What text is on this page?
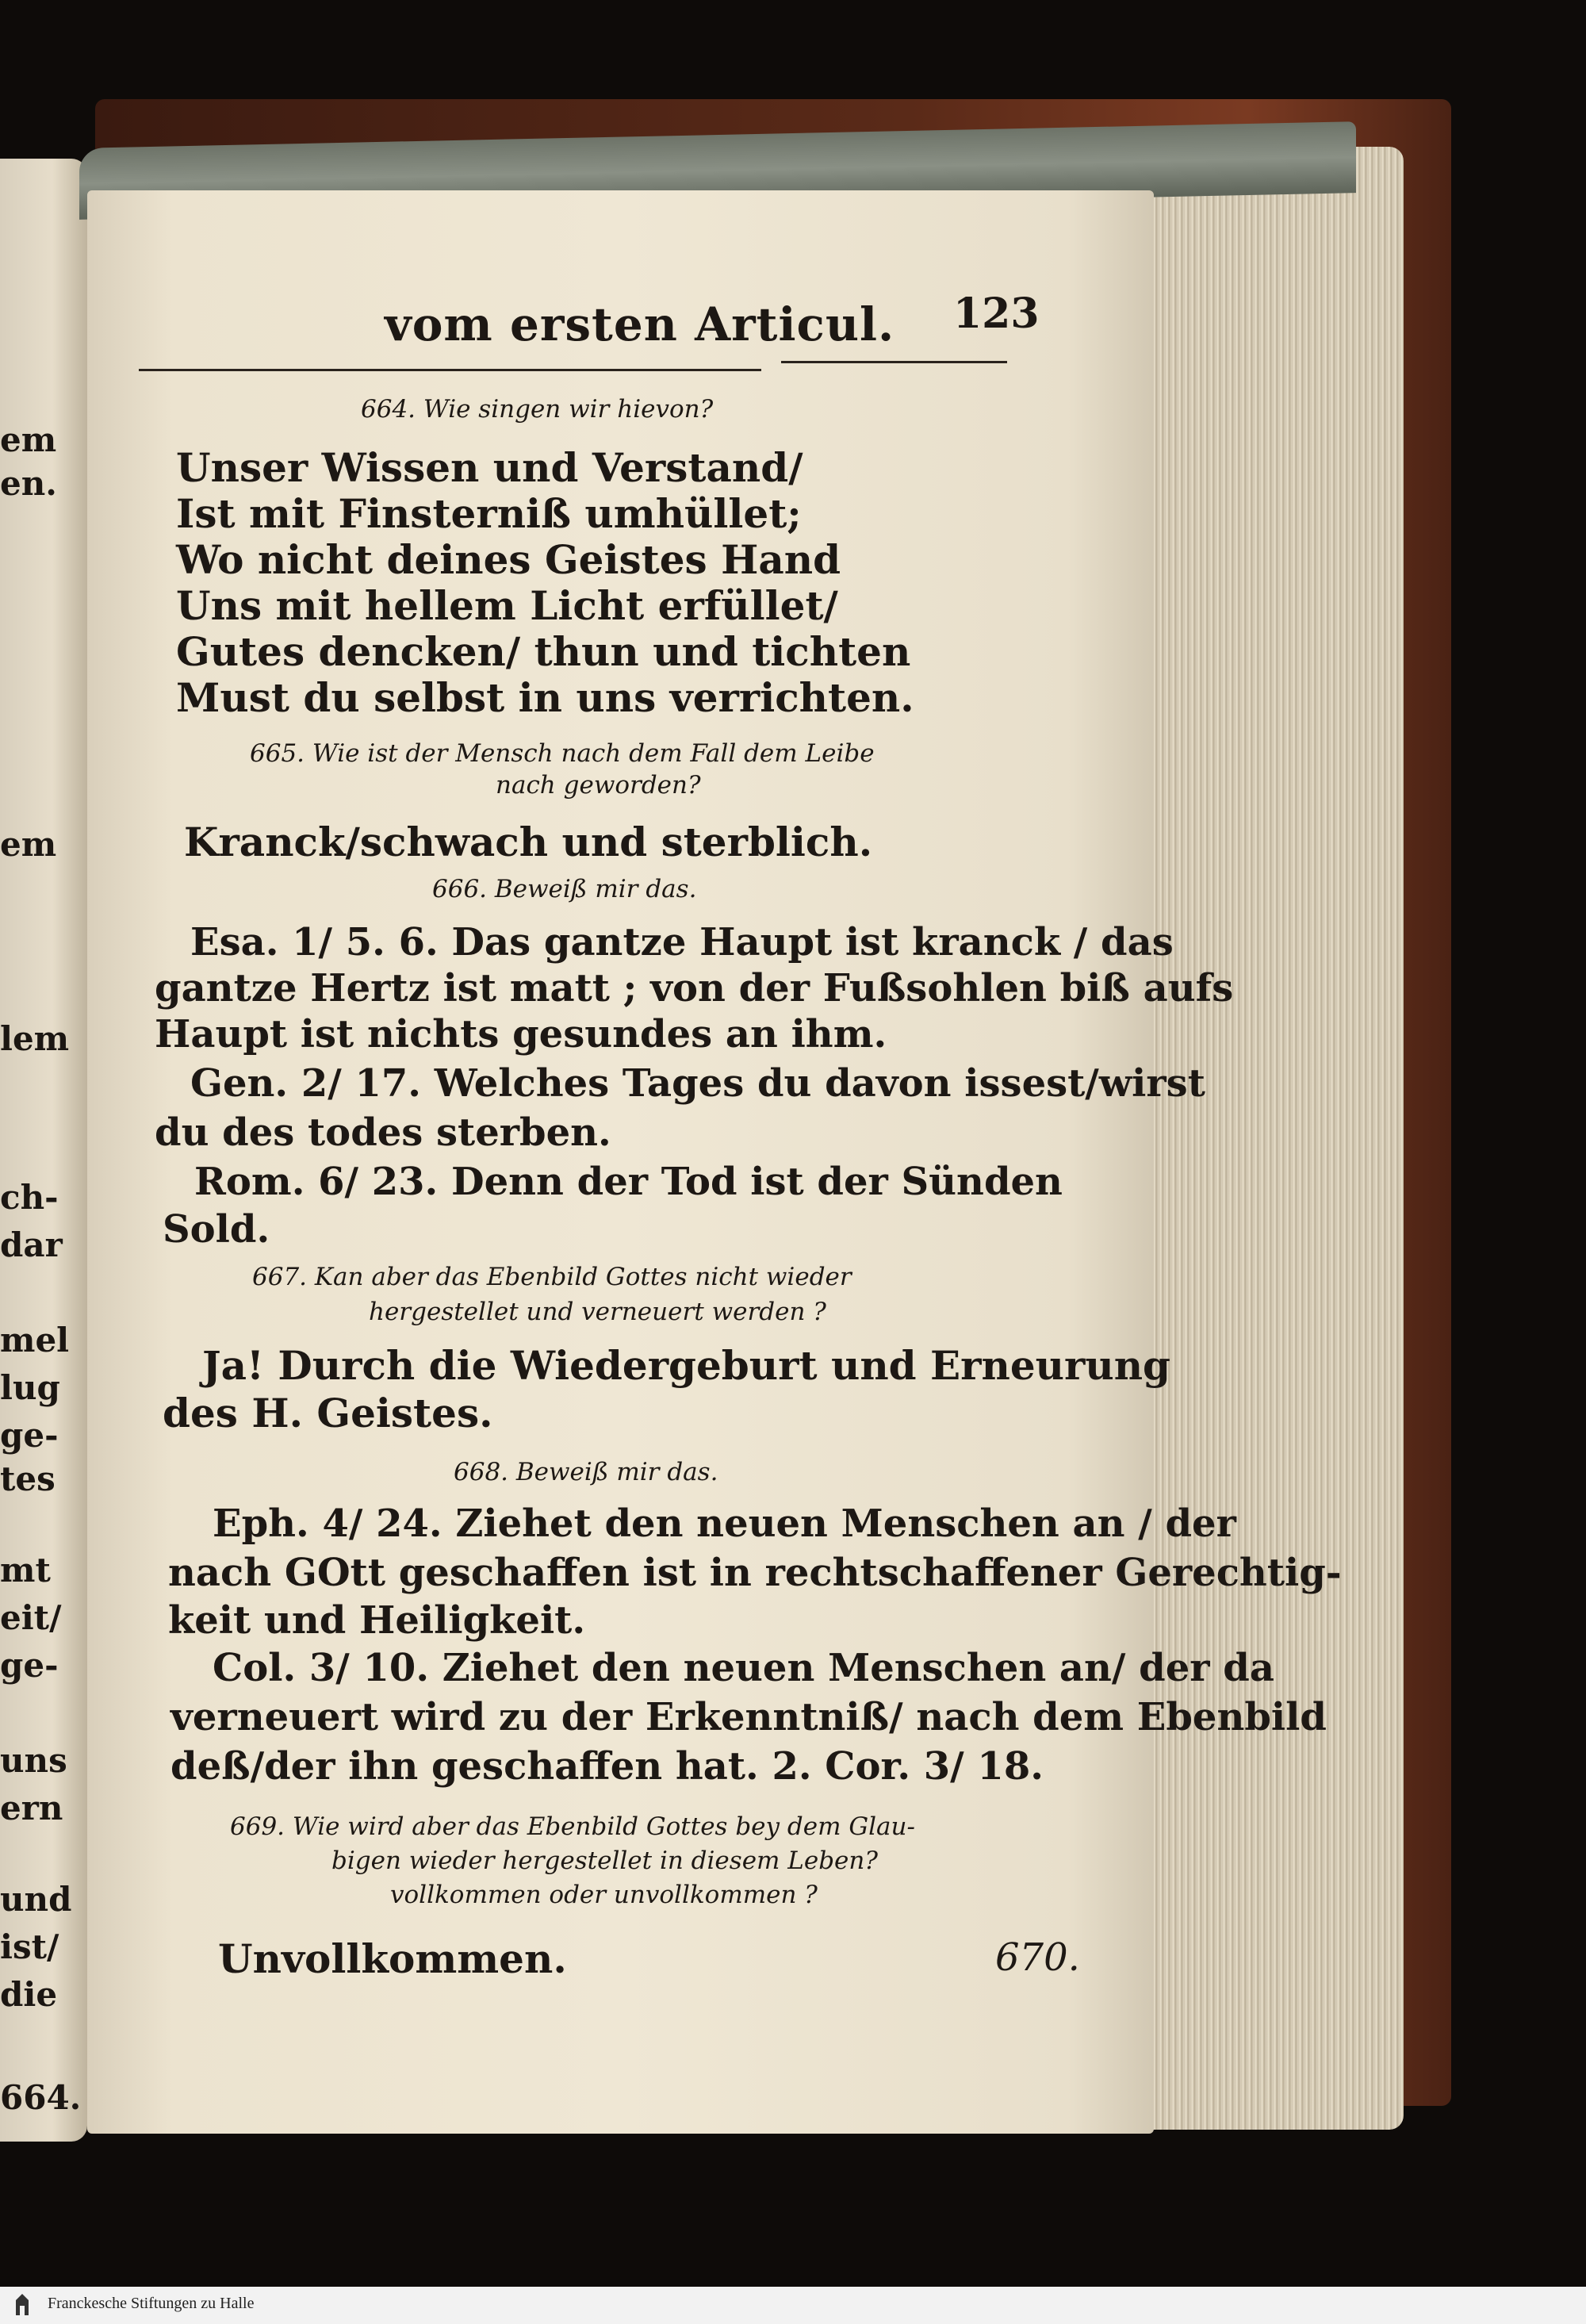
em
en.
em
lem
ch-
dar
mel
lug
ge-
tes
mt
eit/
ge-
uns
ern
und
ist/
die
664.
vom ersten Articul. 123
664. Wie singen wir hievon?
Unser Wissen und Verstand/
Ist mit Finsterniß umhüllet;
Wo nicht deines Geistes Hand
Uns mit hellem Licht erfüllet/
Gutes dencken/ thun und tichten
Must du selbst in uns verrichten.
665. Wie ist der Mensch nach dem Fall dem Leibe
nach geworden?
Kranck/schwach und sterblich.
666. Beweiß mir das.
Esa. 1/ 5. 6. Das gantze Haupt ist kranck / das
gantze Hertz ist matt ; von der Fußsohlen biß aufs
Haupt ist nichts gesundes an ihm.
Gen. 2/ 17. Welches Tages du davon issest/wirst
du des todes sterben.
Rom. 6/ 23. Denn der Tod ist der Sünden
Sold.
667. Kan aber das Ebenbild Gottes nicht wieder
hergestellet und verneuert werden ?
Ja! Durch die Wiedergeburt und Erneurung
des H. Geistes.
668. Beweiß mir das.
Eph. 4/ 24. Ziehet den neuen Menschen an / der
nach GOtt geschaffen ist in rechtschaffener Gerechtig-
keit und Heiligkeit.
Col. 3/ 10. Ziehet den neuen Menschen an/ der da
verneuert wird zu der Erkenntniß/ nach dem Ebenbild
deß/der ihn geschaffen hat. 2. Cor. 3/ 18.
669. Wie wird aber das Ebenbild Gottes bey dem Glau-
bigen wieder hergestellet in diesem Leben?
vollkommen oder unvollkommen ?
Unvollkommen.	670.
Franckesche Stiftungen zu Halle
